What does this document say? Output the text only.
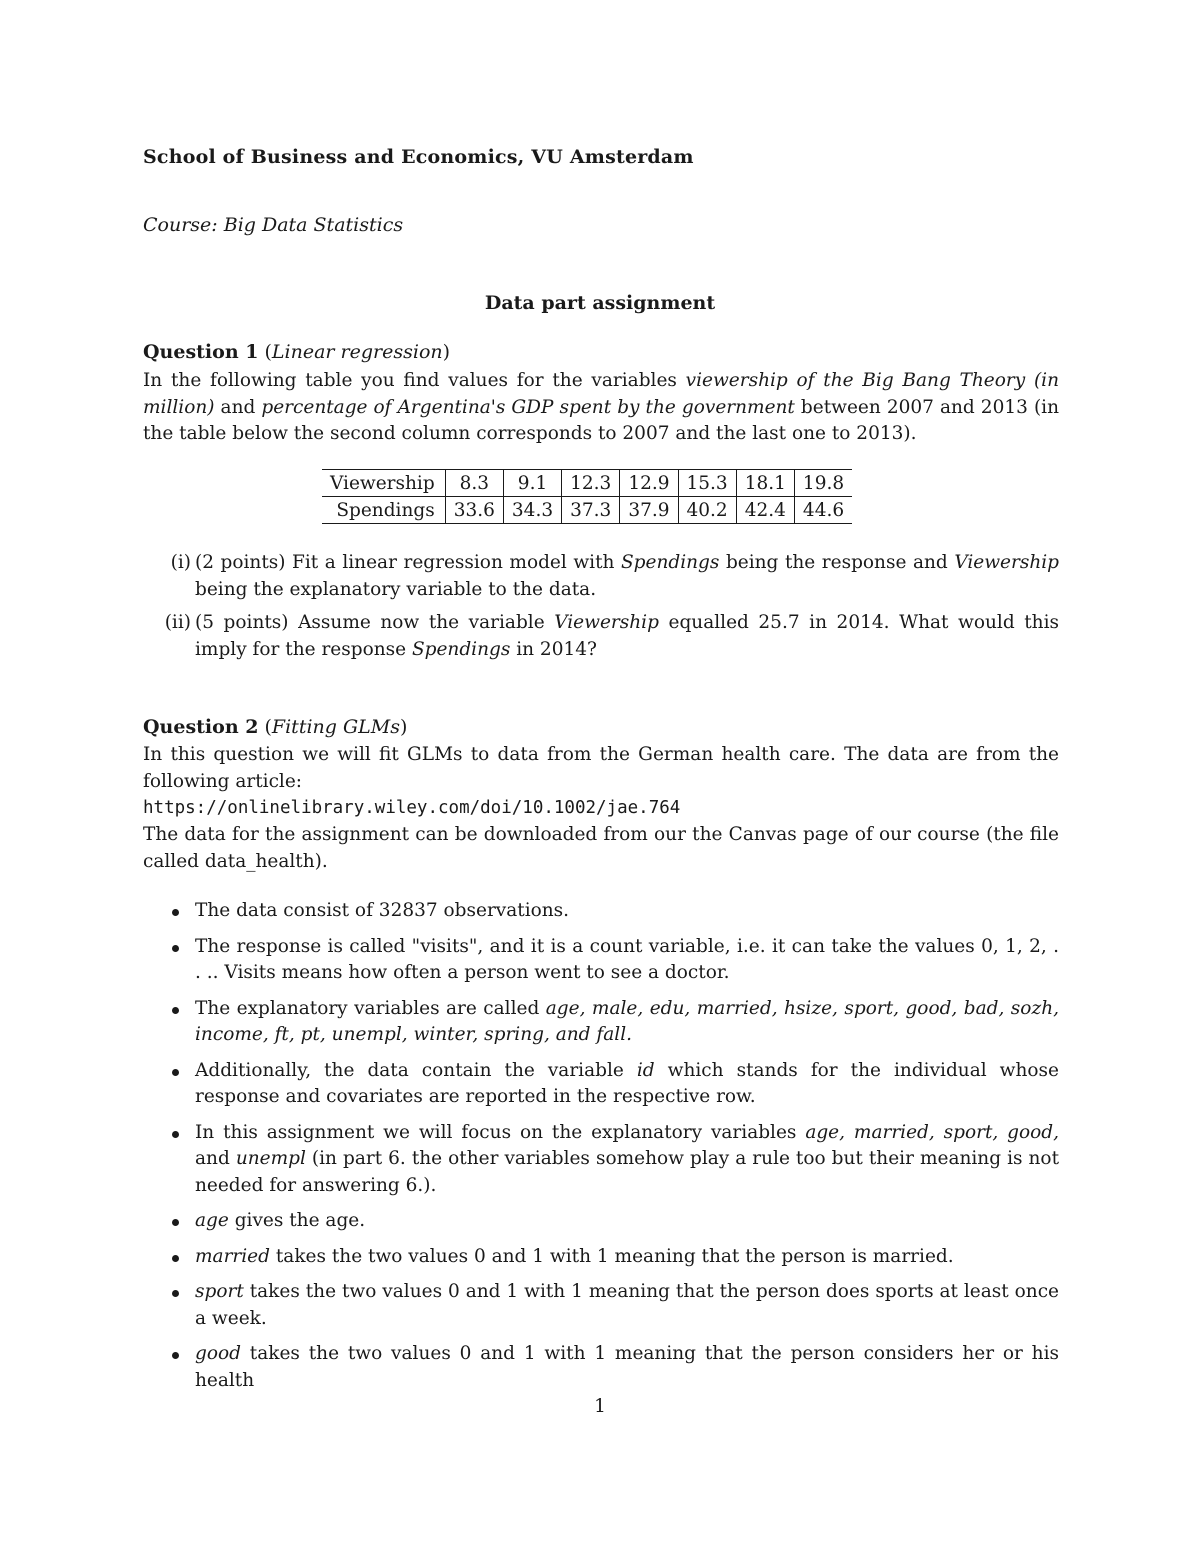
School of Business and Economics, VU Amsterdam
Course: Big Data Statistics
Data part assignment
Question 1 (Linear regression)
In the following table you find values for the variables viewership of the Big Bang Theory (in million) and percentage of Argentina's GDP spent by the government between 2007 and 2013 (in the table below the second column corresponds to 2007 and the last one to 2013).
Viewership	8.3	9.1	12.3	12.9	15.3	18.1	19.8
Spendings	33.6	34.3	37.3	37.9	40.2	42.4	44.6
(i) (2 points) Fit a linear regression model with Spendings being the response and Viewership being the explanatory variable to the data.
(ii) (5 points) Assume now the variable Viewership equalled 25.7 in 2014. What would this imply for the response Spendings in 2014?
Question 2 (Fitting GLMs)
In this question we will fit GLMs to data from the German health care. The data are from the following article:
https://onlinelibrary.wiley.com/doi/10.1002/jae.764
The data for the assignment can be downloaded from our the Canvas page of our course (the file called data_health).
The data consist of 32837 observations.
The response is called "visits", and it is a count variable, i.e. it can take the values 0, 1, 2, . . .. Visits means how often a person went to see a doctor.
The explanatory variables are called age, male, edu, married, hsize, sport, good, bad, sozh, income, ft, pt, unempl, winter, spring, and fall.
Additionally, the data contain the variable id which stands for the individual whose response and covariates are reported in the respective row.
In this assignment we will focus on the explanatory variables age, married, sport, good, and unempl (in part 6. the other variables somehow play a rule too but their meaning is not needed for answering 6.).
age gives the age.
married takes the two values 0 and 1 with 1 meaning that the person is married.
sport takes the two values 0 and 1 with 1 meaning that the person does sports at least once a week.
good takes the two values 0 and 1 with 1 meaning that the person considers her or his health
1
